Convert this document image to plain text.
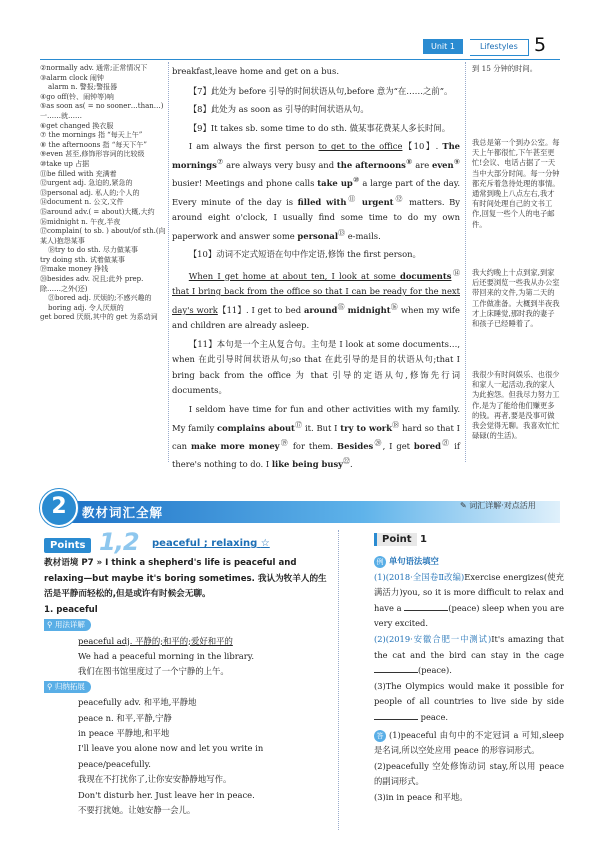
Unit 1	Lifestyles 5
②normally adv. 通常;正常情况下
③alarm clock 闹钟
alarm n. 警报;警报器
④go off(铃、闹钟等)响
⑤as soon as( = no sooner…than…)一……就……
⑥get changed 换衣服
⑦ the mornings 指 “每天上午”
⑧ the afternoons 指 “每天下午”
⑨even 甚至,修饰形容词的比较级
⑩take up 占据
⑪be filled with 充满着
⑫urgent adj. 急迫的,紧急的
⑬personal adj. 私人的;个人的
⑭document n. 公文,文件
⑮around adv.( = about)大概,大约
⑯midnight n. 午夜,半夜
⑰complain( to sb. ) about/of sth.(向某人)抱怨某事
⑱try to do sth. 尽力做某事
try doing sth. 试着做某事
⑲make money 挣钱
⑳besides adv. 况且;此外 prep. 除……之外(还)
㉑bored adj. 厌烦的;不感兴趣的
boring adj. 令人厌烦的
get bored 厌烦,其中的 get 为系动词

breakfast,leave home and get on a bus.

【7】此处为 before 引导的时间状语从句,before 意为“在……之前”。

【8】此处为 as soon as 引导的时间状语从句。

【9】It takes sb. some time to do sth. 做某事花费某人多长时间。

I am always the first person to get to the office【10】. The mornings⑦ are always very busy and the afternoons⑧ are even⑨ busier! Meetings and phone calls take up⑩ a large part of the day. Every minute of the day is filled with⑪ urgent⑫ matters. By around eight o'clock, I usually find some time to do my own paperwork and answer some personal⑬ e-mails.

【10】动词不定式短语在句中作定语,修饰 the first person。

When I get home at about ten, I look at some documents⑭ that I bring back from the office so that I can be ready for the next day's work【11】. I get to bed around⑮ midnight⑯ when my wife and children are already asleep.

【11】本句是一个主从复合句。主句是 I look at some documents…, when 在此引导时间状语从句;so that 在此引导的是目的状语从句;that I bring back from the office 为 that 引导的定语从句,修饰先行词 documents。

I seldom have time for fun and other activities with my family. My family complains about⑰ it. But I try to work⑱ hard so that I can make more money⑲ for them. Besides⑳, I get bored$^㉑$ if there's nothing to do. I like being busy$^㉒$.

到 15 分钟的时间。
我总是第一个到办公室。每天上午都很忙,下午甚至更忙!会议、电话占据了一天当中大部分时间。每一分钟都充斥着急待处理的事情。通常到晚上八点左右,我才有时间处理自己的文书工作,回复一些个人的电子邮件。
我大约晚上十点到家,到家后还要浏览一些我从办公室带回来的文件,为第二天的工作做准备。大概到半夜我才上床睡觉,那时我的妻子和孩子已经睡着了。
我很少有时间娱乐、也很少和家人一起活动,我的家人为此抱怨。但我尽力努力工作,是为了能给他们赚更多的钱。再者,要是没事可做我会觉得无聊。我喜欢忙忙碌碌(的生活)。
2	教材词汇全解	✎ 词汇详解·对点活用
Points 1,2 peaceful ; relaxing ☆

教材语境 P7 » I think a shepherd's life is peaceful and relaxing—but maybe it's boring sometimes. 我认为牧羊人的生活是平静而轻松的,但是或许有时候会无聊。

1. peaceful

⚲ 用法详解

peaceful adj. 平静的;和平的;爱好和平的

We had a peaceful morning in the library.

我们在图书馆里度过了一个宁静的上午。

⚲ 归纳拓展

peacefully adv. 和平地,平静地

peace n. 和平,平静,宁静

in peace 平静地,和平地

I'll leave you alone now and let you write in peace/peacefully.

我现在不打扰你了,让你安安静静地写作。

Don't disturb her. Just leave her in peace.

不要打扰她。让她安静一会儿。

Point 1

例 单句语法填空

(1)(2018·全国卷Ⅱ改编)Exercise energizes(使充满活力)you, so it is more difficult to relax and have a	(peace) sleep when you are very excited.

(2)(2019·安徽合肥一中测试)It's amazing that the cat and the bird can stay in the cage (peace).

(3)The Olympics would make it possible for people of all countries to live side by side  peace.

答 (1)peaceful 由句中的不定冠词 a 可知,sleep 是名词,所以空处应用 peace 的形容词形式。

(2)peacefully 空处修饰动词 stay,所以用 peace 的副词形式。

(3)in in peace 和平地。
